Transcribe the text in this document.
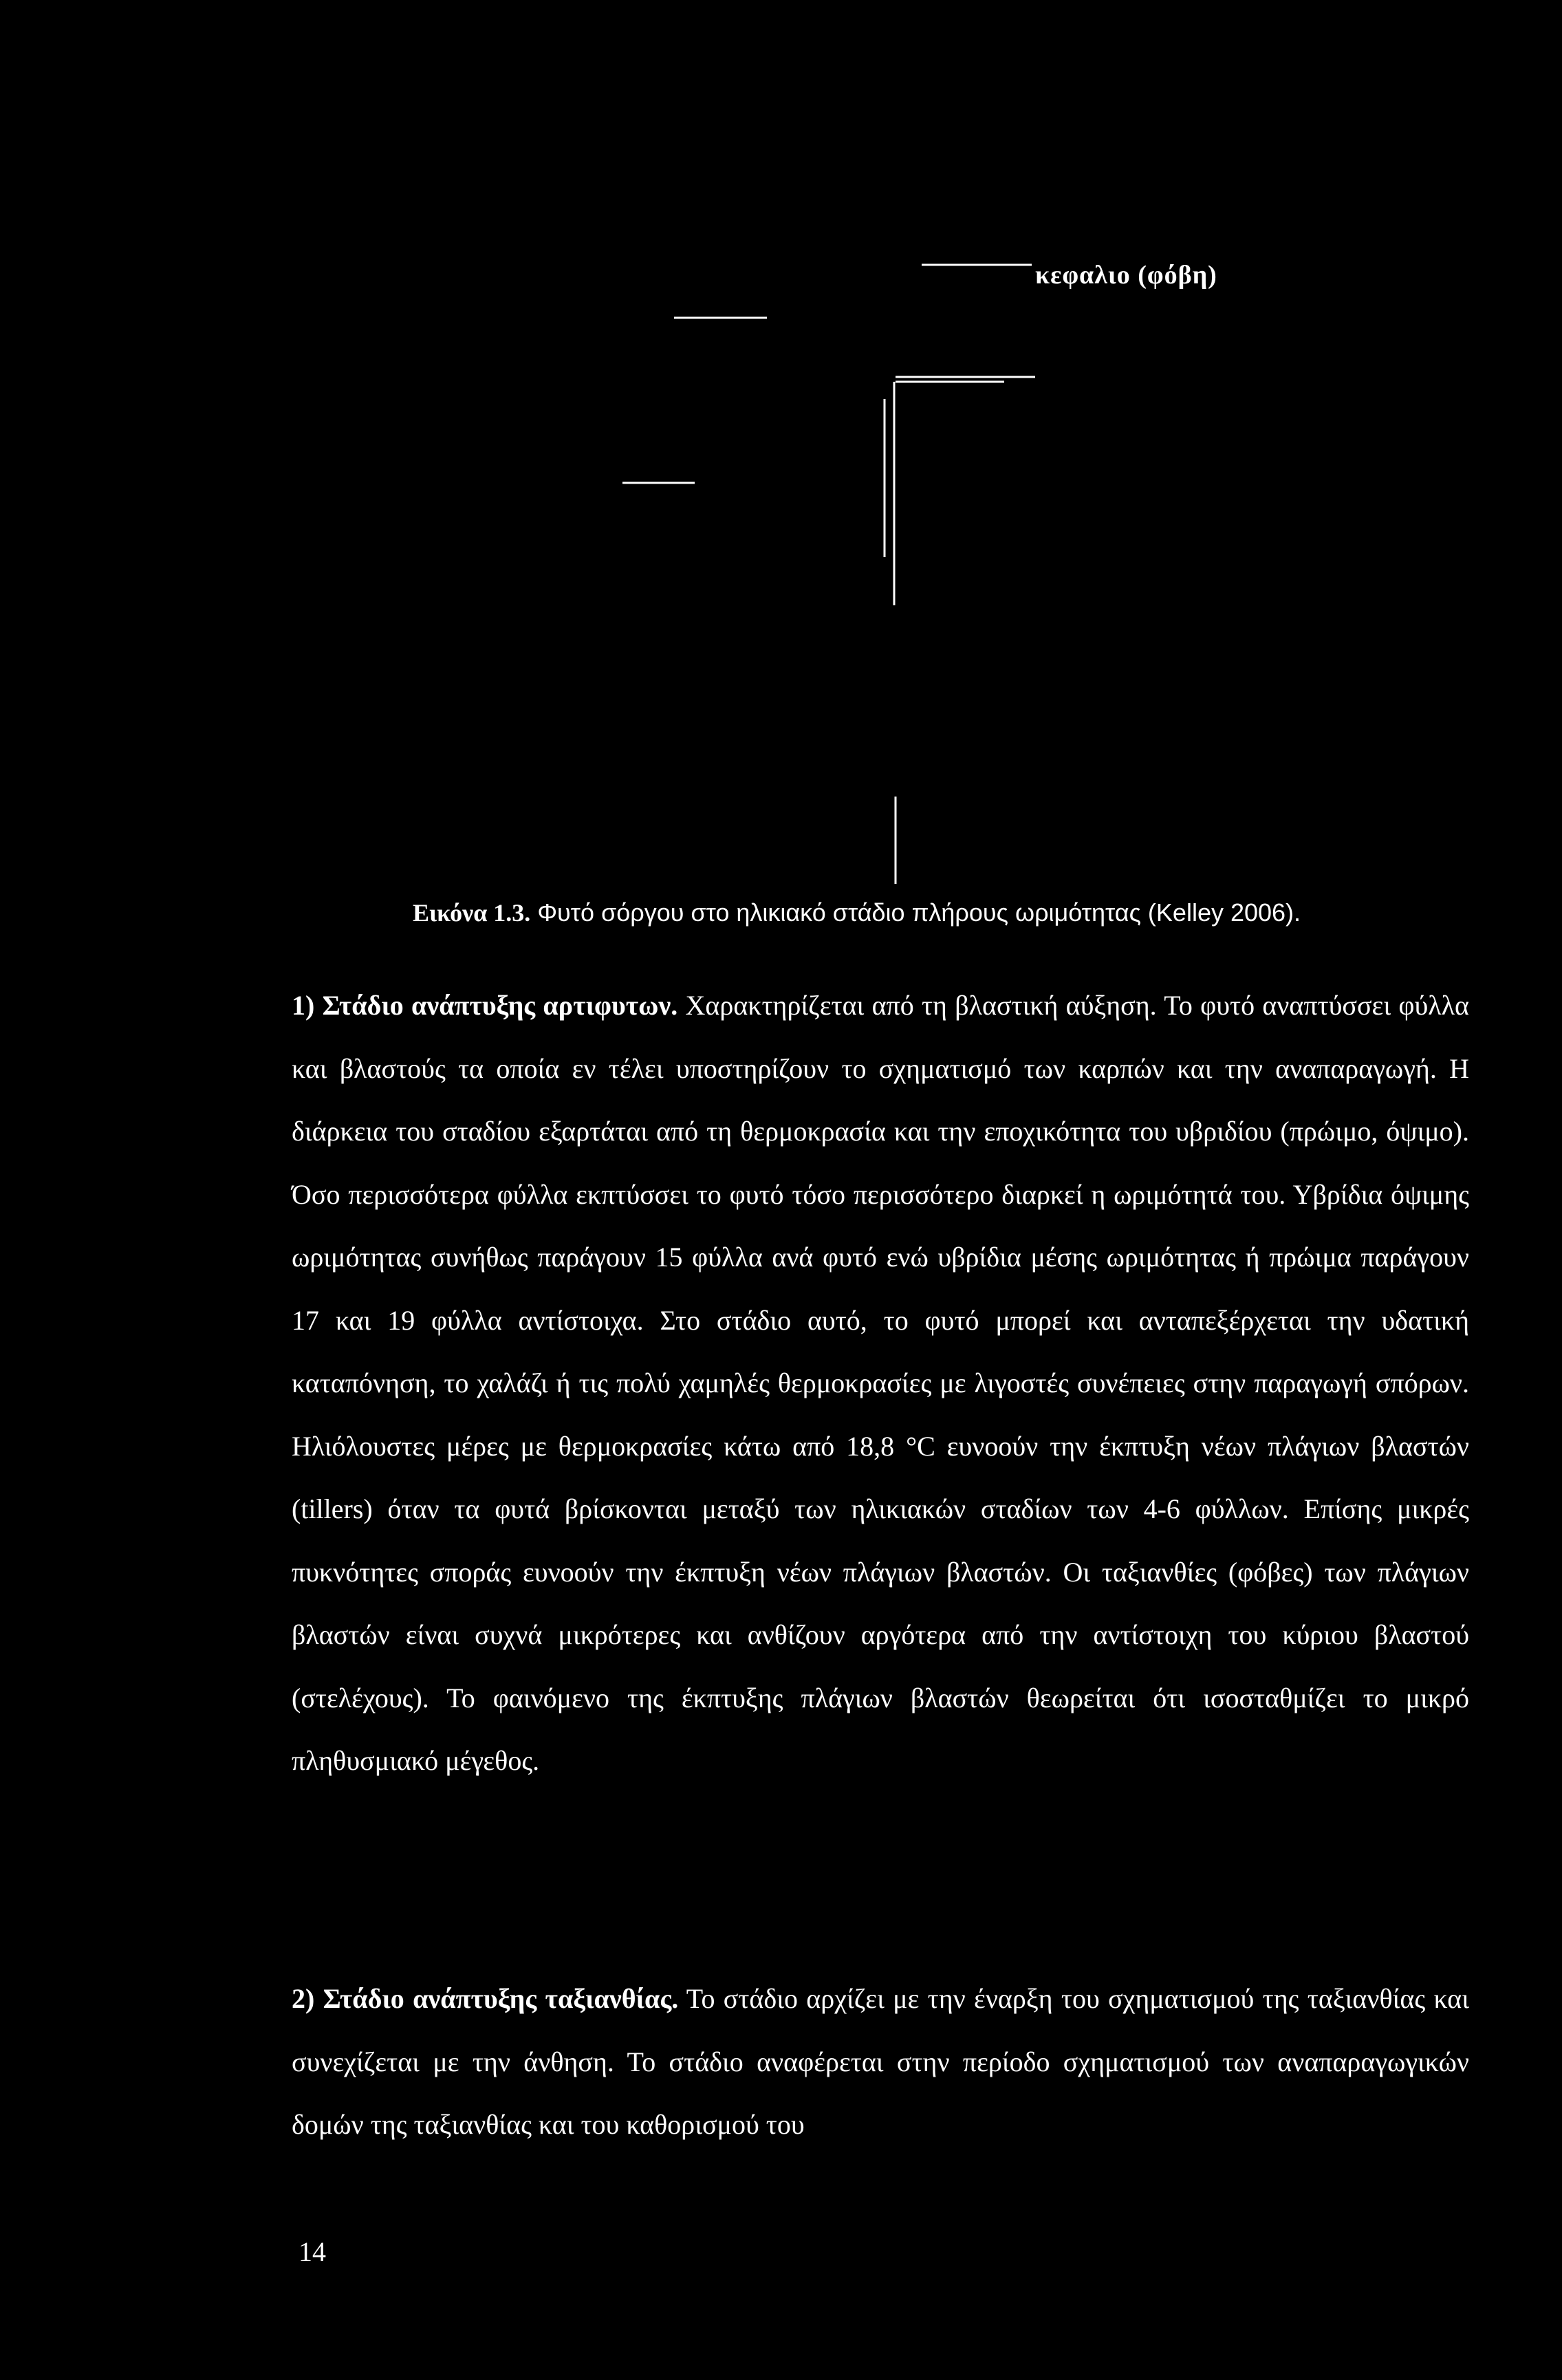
κεφαλιο (φόβη)
Εικόνα 1.3. Φυτό σόργου στο ηλικιακό στάδιο πλήρους ωριμότητας (Kelley 2006).
1) Στάδιο ανάπτυξης αρτιφυτων. Χαρακτηρίζεται από τη βλαστική αύξηση. Το φυτό αναπτύσσει φύλλα και βλαστούς τα οποία εν τέλει υποστηρίζουν το σχηματισμό των καρπών και την αναπαραγωγή. Η διάρκεια του σταδίου εξαρτάται από τη θερμοκρασία και την εποχικότητα του υβριδίου (πρώιμο, όψιμο). Όσο περισσότερα φύλλα εκπτύσσει το φυτό τόσο περισσότερο διαρκεί η ωριμότητά του. Υβρίδια όψιμης ωριμότητας συνήθως παράγουν 15 φύλλα ανά φυτό ενώ υβρίδια μέσης ωριμότητας ή πρώιμα παράγουν 17 και 19 φύλλα αντίστοιχα. Στο στάδιο αυτό, το φυτό μπορεί και ανταπεξέρχεται την υδατική καταπόνηση, το χαλάζι ή τις πολύ χαμηλές θερμοκρασίες με λιγοστές συνέπειες στην παραγωγή σπόρων. Ηλιόλουστες μέρες με θερμοκρασίες κάτω από 18,8 °C ευνοούν την έκπτυξη νέων πλάγιων βλαστών (tillers) όταν τα φυτά βρίσκονται μεταξύ των ηλικιακών σταδίων των 4-6 φύλλων. Επίσης μικρές πυκνότητες σποράς ευνοούν την έκπτυξη νέων πλάγιων βλαστών. Οι ταξιανθίες (φόβες) των πλάγιων βλαστών είναι συχνά μικρότερες και ανθίζουν αργότερα από την αντίστοιχη του κύριου βλαστού (στελέχους). Το φαινόμενο της έκπτυξης πλάγιων βλαστών θεωρείται ότι ισοσταθμίζει το μικρό πληθυσμιακό μέγεθος.
2) Στάδιο ανάπτυξης ταξιανθίας. Το στάδιο αρχίζει με την έναρξη του σχηματισμού της ταξιανθίας και συνεχίζεται με την άνθηση. Το στάδιο αναφέρεται στην περίοδο σχηματισμού των αναπαραγωγικών δομών της ταξιανθίας και του καθορισμού του
14
